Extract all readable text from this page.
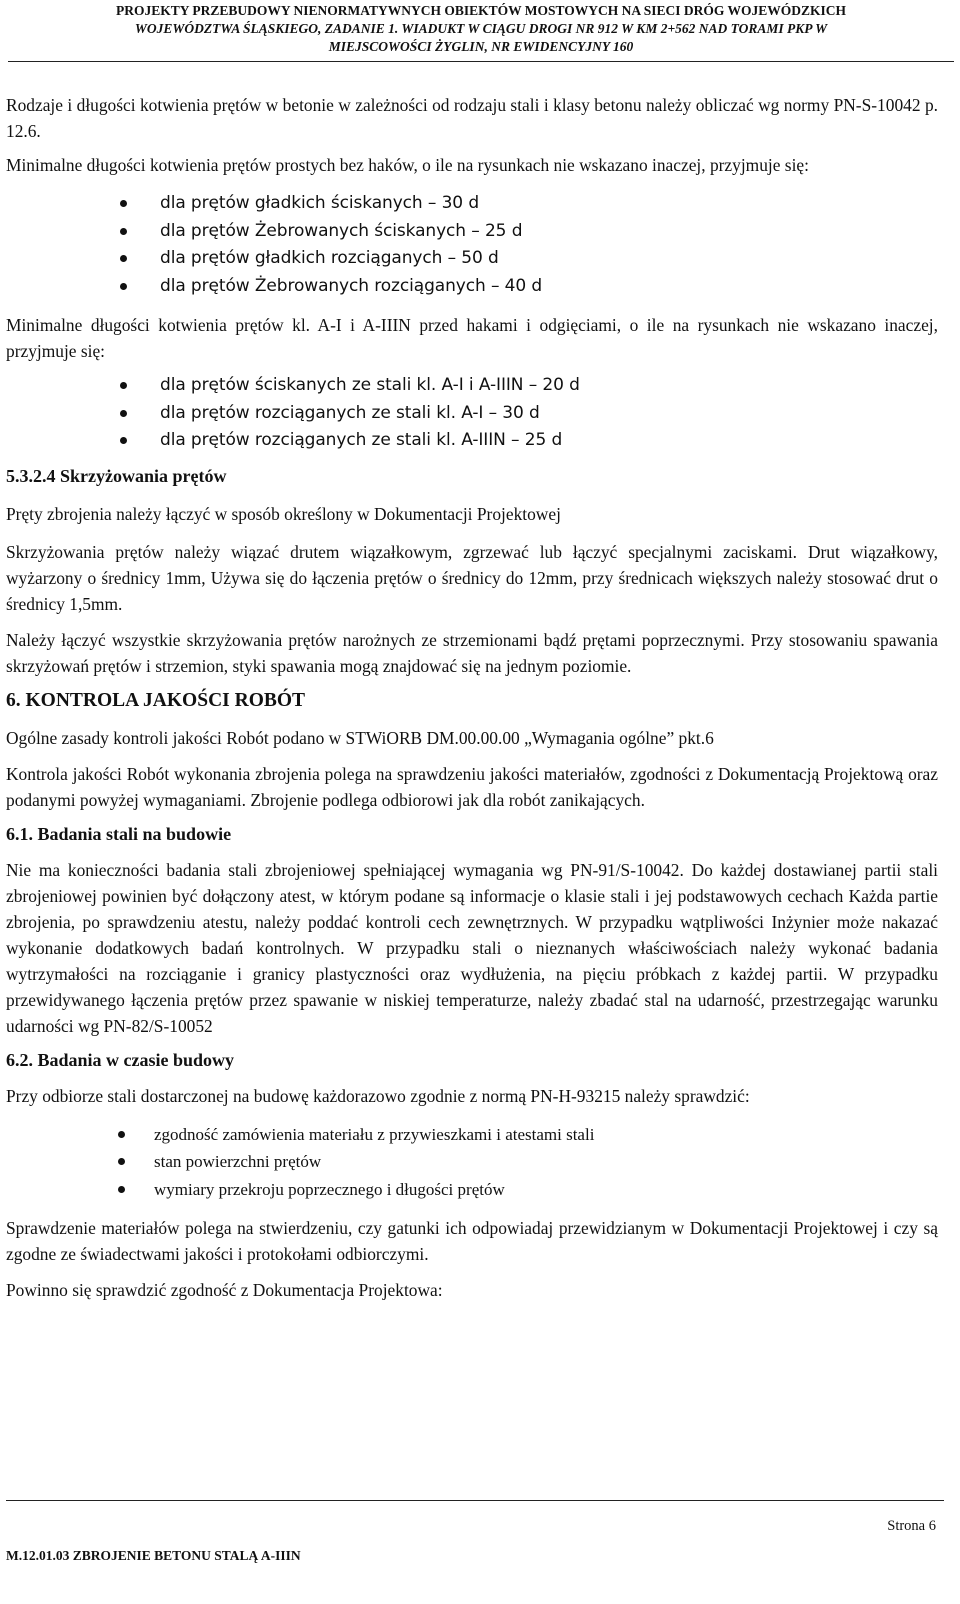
PROJEKTY PRZEBUDOWY NIENORMATYWNYCH OBIEKTÓW MOSTOWYCH NA SIECI DRÓG WOJEWÓDZKICH
WOJEWÓDZTWA ŚLĄSKIEGO, ZADANIE 1. WIADUKT W CIĄGU DROGI NR 912 W KM 2+562 NAD TORAMI PKP W
MIEJSCOWOŚCI ŻYGLIN, NR EWIDENCYJNY 160

Rodzaje i długości kotwienia prętów w betonie w zależności od rodzaju stali i klasy betonu należy obliczać wg normy PN-S-10042 p. 12.6.

Minimalne długości kotwienia prętów prostych bez haków, o ile na rysunkach nie wskazano inaczej, przyjmuje się:

dla prętów gładkich ściskanych – 30 d
dla prętów Żebrowanych ściskanych – 25 d
dla prętów gładkich rozciąganych – 50 d
dla prętów Żebrowanych rozciąganych – 40 d

Minimalne długości kotwienia prętów kl. A-I i A-IIIN przed hakami i odgięciami, o ile na rysunkach nie wskazano inaczej, przyjmuje się:

dla prętów ściskanych ze stali kl. A-I i A-IIIN – 20 d
dla prętów rozciąganych ze stali kl. A-I – 30 d
dla prętów rozciąganych ze stali kl. A-IIIN – 25 d
5.3.2.4 Skrzyżowania prętów

Pręty zbrojenia należy łączyć w sposób określony w Dokumentacji Projektowej

Skrzyżowania prętów należy wiązać drutem wiązałkowym, zgrzewać lub łączyć specjalnymi zaciskami. Drut wiązałkowy, wyżarzony o średnicy 1mm, Używa się do łączenia prętów o średnicy do 12mm, przy średnicach większych należy stosować drut o średnicy 1,5mm.

Należy łączyć wszystkie skrzyżowania prętów narożnych ze strzemionami bądź prętami poprzecznymi. Przy stosowaniu spawania skrzyżowań prętów i strzemion, styki spawania mogą znajdować się na jednym poziomie.

6. KONTROLA JAKOŚCI ROBÓT

Ogólne zasady kontroli jakości Robót podano w STWiORB DM.00.00.00 „Wymagania ogólne” pkt.6

Kontrola jakości Robót wykonania zbrojenia polega na sprawdzeniu jakości materiałów, zgodności z Dokumentacją Projektową oraz podanymi powyżej wymaganiami. Zbrojenie podlega odbiorowi jak dla robót zanikających.

6.1. Badania stali na budowie

Nie ma konieczności badania stali zbrojeniowej spełniającej wymagania wg PN-91/S-10042. Do każdej dostawianej partii stali zbrojeniowej powinien być dołączony atest, w którym podane są informacje o klasie stali i jej podstawowych cechach Każda partie zbrojenia, po sprawdzeniu atestu, należy poddać kontroli cech zewnętrznych. W przypadku wątpliwości Inżynier może nakazać wykonanie dodatkowych badań kontrolnych. W przypadku stali o nieznanych właściwościach należy wykonać badania wytrzymałości na rozciąganie i granicy plastyczności oraz wydłużenia, na pięciu próbkach z każdej partii. W przypadku przewidywanego łączenia prętów przez spawanie w niskiej temperaturze, należy zbadać stal na udarność, przestrzegając warunku udarności wg PN-82/S-10052

6.2. Badania w czasie budowy

Przy odbiorze stali dostarczonej na budowę każdorazowo zgodnie z normą PN-H-93215 należy sprawdzić:

zgodność zamówienia materiału z przywieszkami i atestami stali
stan powierzchni prętów
wymiary przekroju poprzecznego i długości prętów

Sprawdzenie materiałów polega na stwierdzeniu, czy gatunki ich odpowiadaj przewidzianym w Dokumentacji Projektowej i czy są zgodne ze świadectwami jakości i protokołami odbiorczymi.

Powinno się sprawdzić zgodność z Dokumentacja Projektowa:

Strona 6
M.12.01.03 ZBROJENIE BETONU STALĄ A-IIIN
